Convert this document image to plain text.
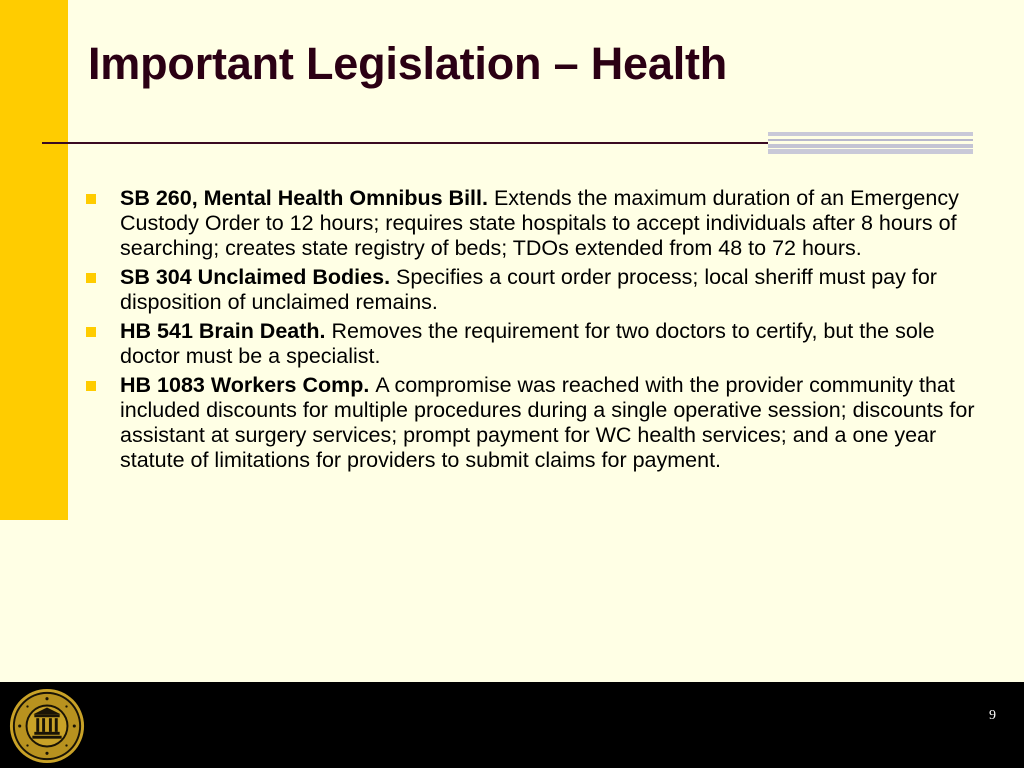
Important Legislation – Health
SB 260, Mental Health Omnibus Bill. Extends the maximum duration of an Emergency Custody Order to 12 hours; requires state hospitals to accept individuals after 8 hours of searching; creates state registry of beds; TDOs extended from 48 to 72 hours.
SB 304 Unclaimed Bodies. Specifies a court order process; local sheriff must pay for disposition of unclaimed remains.
HB 541 Brain Death. Removes the requirement for two doctors to certify, but the sole doctor must be a specialist.
HB 1083 Workers Comp. A compromise was reached with the provider community that included discounts for multiple procedures during a single operative session; discounts for assistant at surgery services; prompt payment for WC health services; and a one year statute of limitations for providers to submit claims for payment.
9
